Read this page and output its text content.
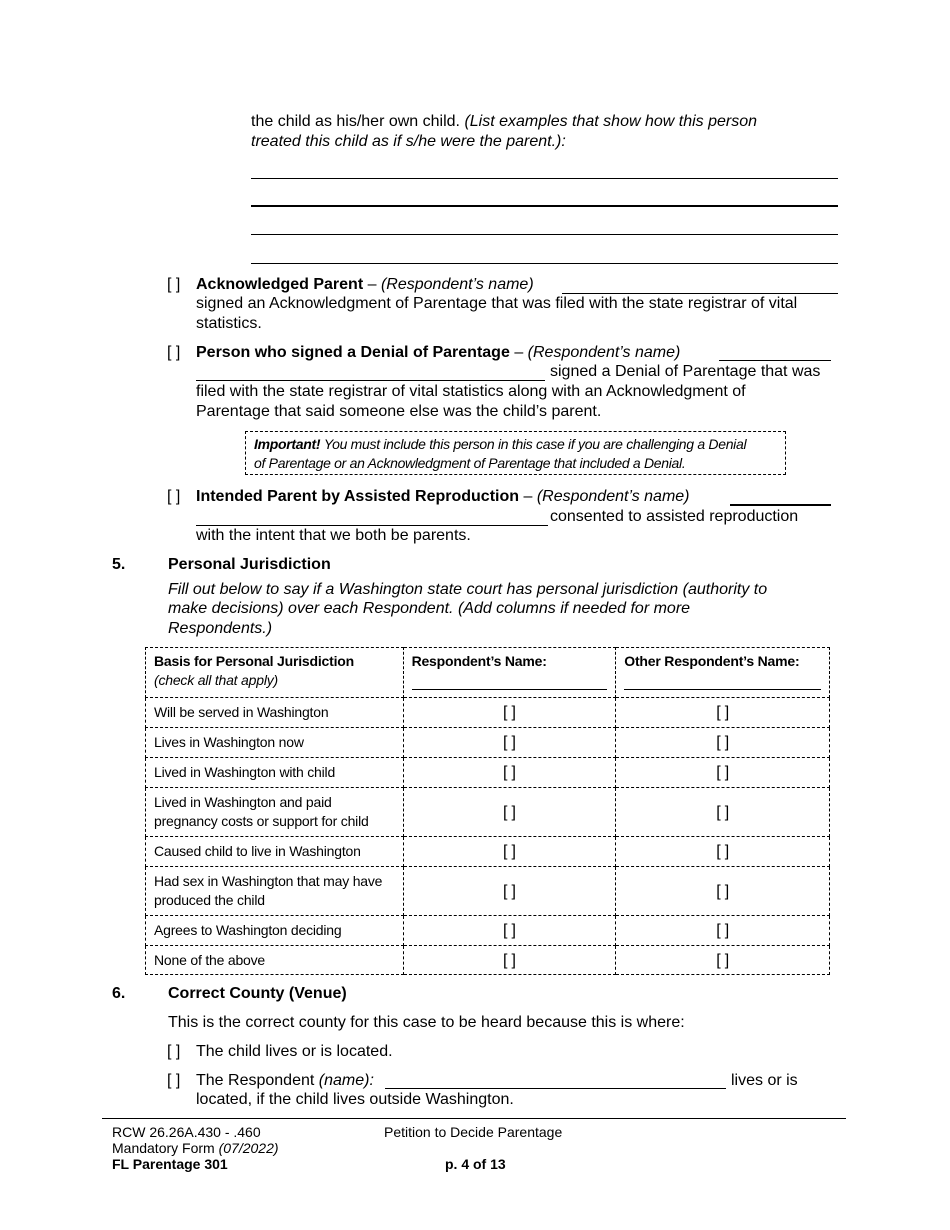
the child as his/her own child. (List examples that show how this person
treated this child as if s/he were the parent.):
[ ] Acknowledged Parent – (Respondent’s name)
signed an Acknowledgment of Parentage that was filed with the state registrar of vital
statistics.
[ ] Person who signed a Denial of Parentage – (Respondent’s name)
signed a Denial of Parentage that was
filed with the state registrar of vital statistics along with an Acknowledgment of
Parentage that said someone else was the child’s parent.
Important! You must include this person in this case if you are challenging a Denial
of Parentage or an Acknowledgment of Parentage that included a Denial.
[ ] Intended Parent by Assisted Reproduction – (Respondent’s name)
consented to assisted reproduction
with the intent that we both be parents.
5.	Personal Jurisdiction
Fill out below to say if a Washington state court has personal jurisdiction (authority to
make decisions) over each Respondent. (Add columns if needed for more
Respondents.)
Basis for Personal Jurisdiction
(check all that apply)	Respondent’s Name:	Other Respondent’s Name:

Will be served in Washington	[ ]	[ ]
Lives in Washington now	[ ]	[ ]
Lived in Washington with child	[ ]	[ ]

Lived in Washington and paid
pregnancy costs or support for child	[ ]	[ ]
Caused child to live in Washington	[ ]	[ ]

Had sex in Washington that may have
produced the child	[ ]	[ ]
Agrees to Washington deciding	[ ]	[ ]
None of the above	[ ]	[ ]
6.	Correct County (Venue)
This is the correct county for this case to be heard because this is where:
[ ] The child lives or is located.
[ ] The Respondent (name):	lives or is
located, if the child lives outside Washington.
RCW 26.26A.430 - .460
Mandatory Form (07/2022)
FL Parentage 301
Petition to Decide Parentage
p. 4 of 13
